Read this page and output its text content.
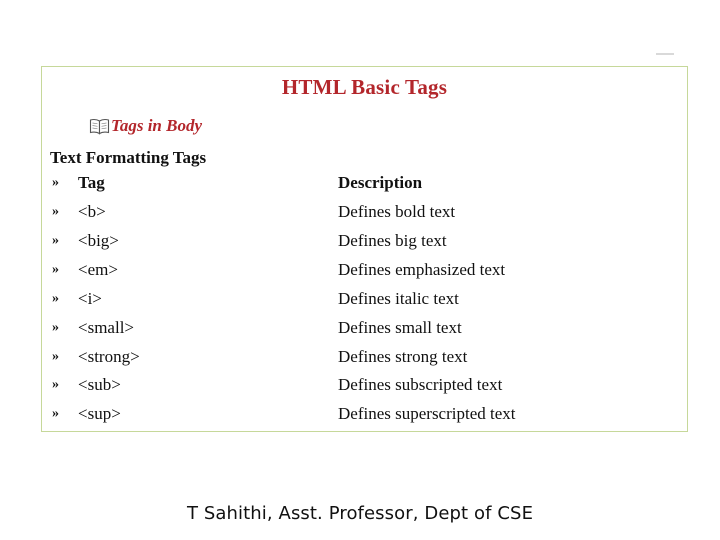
HTML Basic Tags
Tags in Body
Text Formatting Tags
» Tag	Description
» <b>	Defines bold text
» <big>	Defines big text
» <em>	Defines emphasized text
» <i>	Defines italic text
» <small>	Defines small text
» <strong>	Defines strong text
» <sub>	Defines subscripted text
» <sup>	Defines superscripted text
T Sahithi, Asst. Professor, Dept of CSE
